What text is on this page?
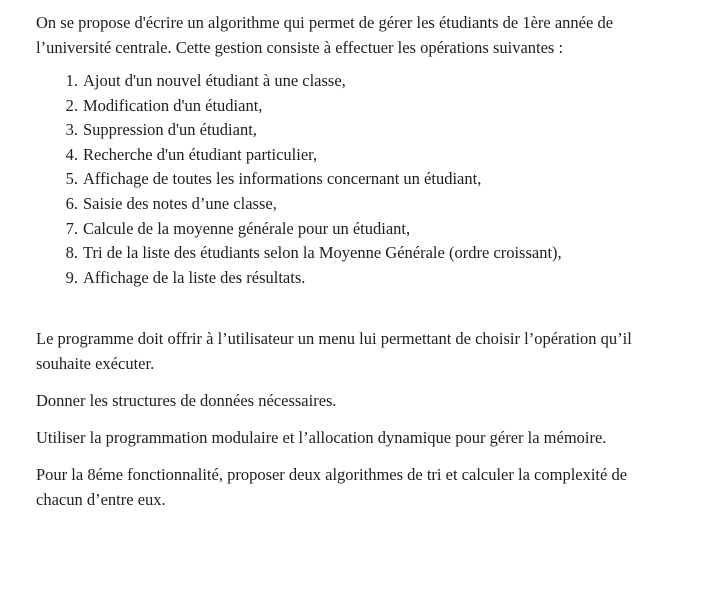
On se propose d'écrire un algorithme qui permet de gérer les étudiants de 1ère année de l’université centrale. Cette gestion consiste à effectuer les opérations suivantes :

1. Ajout d'un nouvel étudiant à une classe,
2. Modification d'un étudiant,
3. Suppression d'un étudiant,
4. Recherche d'un étudiant particulier,
5. Affichage de toutes les informations concernant un étudiant,
6. Saisie des notes d’une classe,
7. Calcule de la moyenne générale pour un étudiant,
8. Tri de la liste des étudiants selon la Moyenne Générale (ordre croissant),
9. Affichage de la liste des résultats.

Le programme doit offrir à l’utilisateur un menu lui permettant de choisir l’opération qu’il souhaite exécuter.

Donner les structures de données nécessaires.

Utiliser la programmation modulaire et l’allocation dynamique pour gérer la mémoire.

Pour la 8éme fonctionnalité, proposer deux algorithmes de tri et calculer la complexité de chacun d’entre eux.
